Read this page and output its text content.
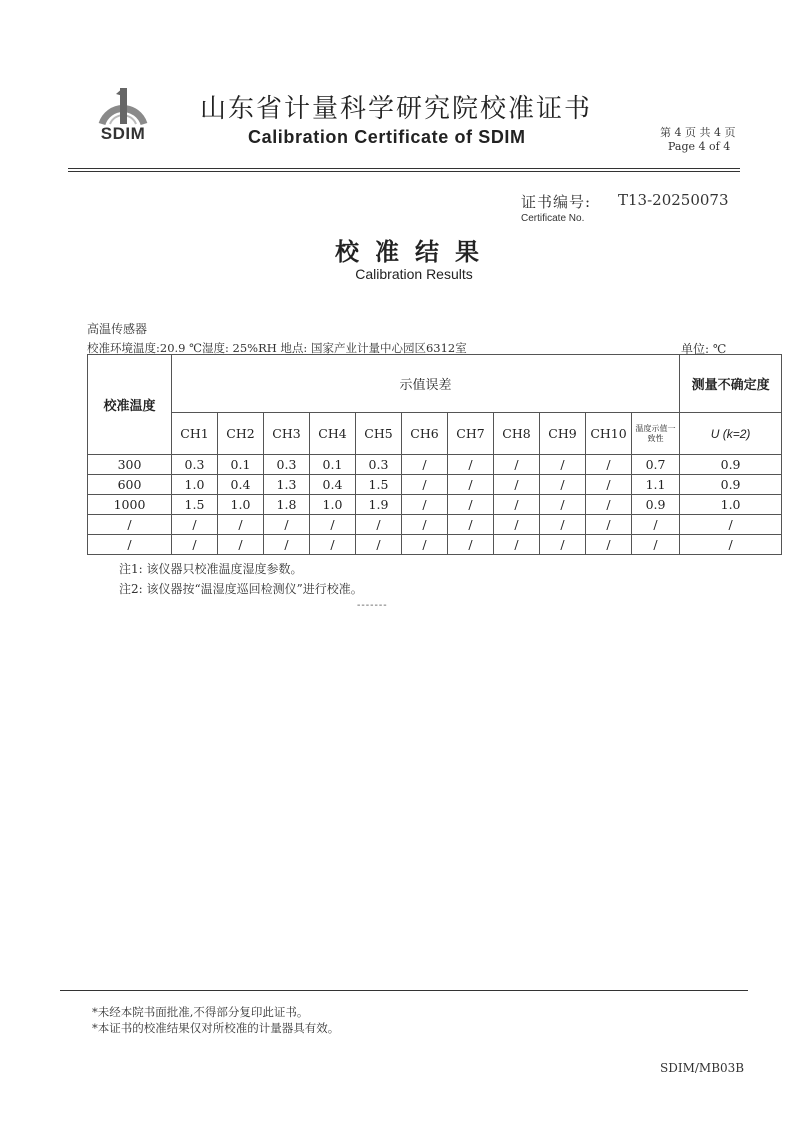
SDIM
山东省计量科学研究院校准证书
Calibration Certificate of SDIM	第 4 页 共 4 页
Page 4 of 4
证书编号: T13-20250073
Certificate No.
校准结果
Calibration Results
高温传感器
校准环境温度:20.9 ℃湿度: 25%RH 地点: 国家产业计量中心园区6312室	单位: ℃
校准温度	示值误差											测量不确定度
	CH1	CH2	CH3	CH4	CH5	CH6	CH7	CH8	CH9	CH10	温度示值一致性	U (k=2)
300	0.3	0.1	0.3	0.1	0.3	/	/	/	/	/	0.7	0.9
600	1.0	0.4	1.3	0.4	1.5	/	/	/	/	/	1.1	0.9
1000	1.5	1.0	1.8	1.0	1.9	/	/	/	/	/	0.9	1.0
/	/	/	/	/	/	/	/	/	/	/	/	/
/	/	/	/	/	/	/	/	/	/	/	/	/
注1: 该仪器只校准温度湿度参数。
注2: 该仪器按“温湿度巡回检测仪”进行校准。
-------
*未经本院书面批准,不得部分复印此证书。
*本证书的校准结果仅对所校准的计量器具有效。
SDIM/MB03B
